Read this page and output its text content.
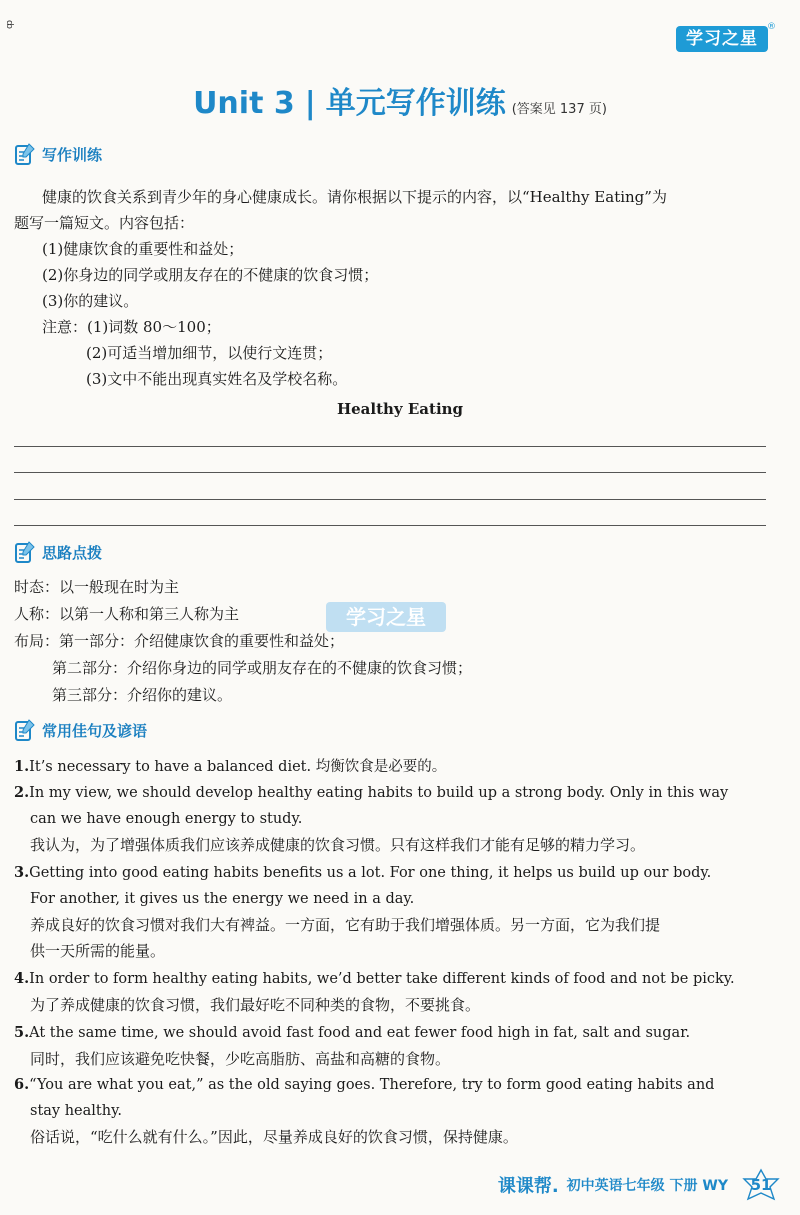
学习之星
®
ȸ
Unit 3 | 单元写作训练 (答案见 137 页)
写作训练
健康的饮食关系到青少年的身心健康成长。请你根据以下提示的内容，以“Healthy Eating”为
题写一篇短文。内容包括：
(1)健康饮食的重要性和益处；
(2)你身边的同学或朋友存在的不健康的饮食习惯；
(3)你的建议。
注意：(1)词数 80～100；
(2)可适当增加细节，以使行文连贯；
(3)文中不能出现真实姓名及学校名称。
Healthy Eating
思路点拨
时态：以一般现在时为主
人称：以第一人称和第三人称为主
布局：第一部分：介绍健康饮食的重要性和益处；
第二部分：介绍你身边的同学或朋友存在的不健康的饮食习惯；
第三部分：介绍你的建议。
学习之星
常用佳句及谚语
1.It’s necessary to have a balanced diet. 均衡饮食是必要的。
2.In my view, we should develop healthy eating habits to build up a strong body. Only in this way
can we have enough energy to study.
我认为，为了增强体质我们应该养成健康的饮食习惯。只有这样我们才能有足够的精力学习。
3.Getting into good eating habits benefits us a lot. For one thing, it helps us build up our body.
For another, it gives us the energy we need in a day.
养成良好的饮食习惯对我们大有裨益。一方面，它有助于我们增强体质。另一方面，它为我们提
供一天所需的能量。
4.In order to form healthy eating habits, we’d better take different kinds of food and not be picky.
为了养成健康的饮食习惯，我们最好吃不同种类的食物，不要挑食。
5.At the same time, we should avoid fast food and eat fewer food high in fat, salt and sugar.
同时，我们应该避免吃快餐，少吃高脂肪、高盐和高糖的食物。
6.“You are what you eat,” as the old saying goes. Therefore, try to form good eating habits and
stay healthy.
俗话说，“吃什么就有什么。”因此，尽量养成良好的饮食习惯，保持健康。
课课帮. 初中英语七年级 下册 WY	51
